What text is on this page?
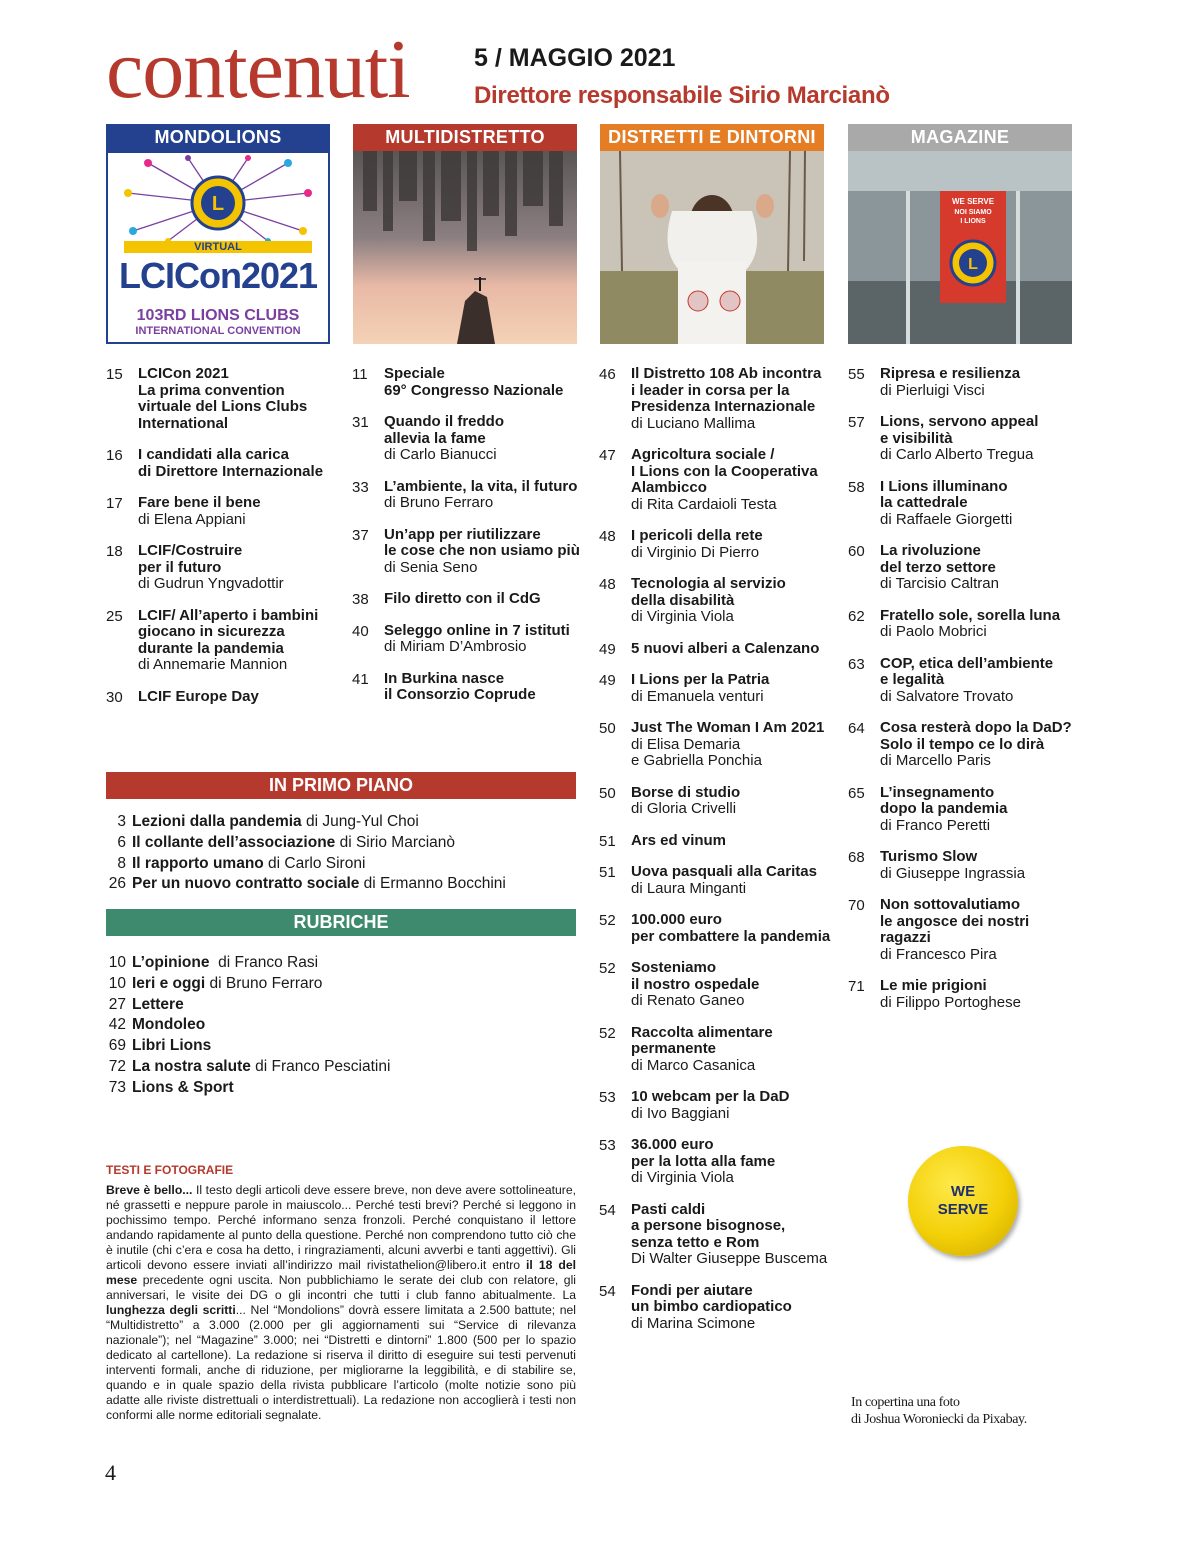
contenuti	5 / MAGGIO 2021
Direttore responsabile Sirio Marcianò
MONDOLIONS
L
VIRTUAL
LCICon2021
103RD LIONS CLUBS
INTERNATIONAL CONVENTION
MULTIDISTRETTO	DISTRETTI E DINTORNI	MAGAZINE
L
WE SERVE
NOI SIAMO
I LIONS
15	LCICon 2021
La prima convention
virtuale del Lions Clubs
International
16	I candidati alla carica
di Direttore Internazionale
17	Fare bene il bene
di Elena Appiani
18	LCIF/Costruire
per il futuro
di Gudrun Yngvadottir
25	LCIF/ All’aperto i bambini
giocano in sicurezza
durante la pandemia
di Annemarie Mannion
30	LCIF Europe Day
11	Speciale
69° Congresso Nazionale
31	Quando il freddo
allevia la fame
di Carlo Bianucci
33	L’ambiente, la vita, il futuro
di Bruno Ferraro
37	Un’app per riutilizzare
le cose che non usiamo più
di Senia Seno
38	Filo diretto con il CdG
40	Seleggo online in 7 istituti
di Miriam D’Ambrosio
41	In Burkina nasce
il Consorzio Coprude
46	Il Distretto 108 Ab incontra
i leader in corsa per la
Presidenza Internazionale
di Luciano Mallima
47	Agricoltura sociale /
I Lions con la Cooperativa
Alambicco
di Rita Cardaioli Testa
48	I pericoli della rete
di Virginio Di Pierro
48	Tecnologia al servizio
della disabilità
di Virginia Viola
49	5 nuovi alberi a Calenzano
49	I Lions per la Patria
di Emanuela venturi
50	Just The Woman I Am 2021
di Elisa Demaria
e Gabriella Ponchia
50	Borse di studio
di Gloria Crivelli
51	Ars ed vinum
51	Uova pasquali alla Caritas
di Laura Minganti
52	100.000 euro
per combattere la pandemia
52	Sosteniamo
il nostro ospedale
di Renato Ganeo
52	Raccolta alimentare
permanente
di Marco Casanica
53	10 webcam per la DaD
di Ivo Baggiani
53	36.000 euro
per la lotta alla fame
di Virginia Viola
54	Pasti caldi
a persone bisognose,
senza tetto e Rom
Di Walter Giuseppe Buscema
54	Fondi per aiutare
un bimbo cardiopatico
di Marina Scimone
55	Ripresa e resilienza
di Pierluigi Visci
57	Lions, servono appeal
e visibilità
di Carlo Alberto Tregua
58	I Lions illuminano
la cattedrale
di Raffaele Giorgetti
60	La rivoluzione
del terzo settore
di Tarcisio Caltran
62	Fratello sole, sorella luna
di Paolo Mobrici
63	COP, etica dell’ambiente
e legalità
di Salvatore Trovato
64	Cosa resterà dopo la DaD?
Solo il tempo ce lo dirà
di Marcello Paris
65	L’insegnamento
dopo la pandemia
di Franco Peretti
68	Turismo Slow
di Giuseppe Ingrassia
70	Non sottovalutiamo
le angosce dei nostri ragazzi
di Francesco Pira
71	Le mie prigioni
di Filippo Portoghese
IN PRIMO PIANO
3 Lezioni dalla pandemia di Jung-Yul Choi
6 Il collante dell’associazione di Sirio Marcianò
8 Il rapporto umano di Carlo Sironi
26 Per un nuovo contratto sociale di Ermanno Bocchini
RUBRICHE
10 L’opinione  di Franco Rasi
10 Ieri e oggi di Bruno Ferraro
27 Lettere
42 Mondoleo
69 Libri Lions
72 La nostra salute di Franco Pesciatini
73 Lions & Sport
TESTI E FOTOGRAFIE
Breve è bello... Il testo degli articoli deve essere breve, non deve avere sottolineature, né grassetti e neppure parole in maiuscolo... Perché testi brevi? Perché si leggono in pochissimo tempo. Perché informano senza fronzoli. Perché conquistano il lettore andando rapidamente al punto della questione. Perché non comprendono tutto ciò che è inutile (chi c’era e cosa ha detto, i ringraziamenti, alcuni avverbi e tanti aggettivi). Gli articoli devono essere inviati all’indirizzo mail rivistathelion@libero.it entro il 18 del mese precedente ogni uscita. Non pubblichiamo le serate dei club con relatore, gli anniversari, le visite dei DG o gli incontri che tutti i club fanno abitualmente. La lunghezza degli scritti... Nel “Mondolions” dovrà essere limitata a 2.500 battute; nel “Multidistretto” a 3.000 (2.000 per gli aggiornamenti sui “Service di rilevanza nazionale”); nel “Magazine” 3.000; nei “Distretti e dintorni” 1.800 (500 per lo spazio dedicato al cartellone). La redazione si riserva il diritto di eseguire sui testi pervenuti interventi formali, anche di riduzione, per migliorarne la leggibilità, e di stabilire se, quando e in quale spazio della rivista pubblicare l’articolo (molte notizie sono più adatte alle riviste distrettuali o interdistrettuali). La redazione non accoglierà i testi non conformi alle norme editoriali segnalate.
WE
SERVE
In copertina una foto
di Joshua Woroniecki da Pixabay.
4
